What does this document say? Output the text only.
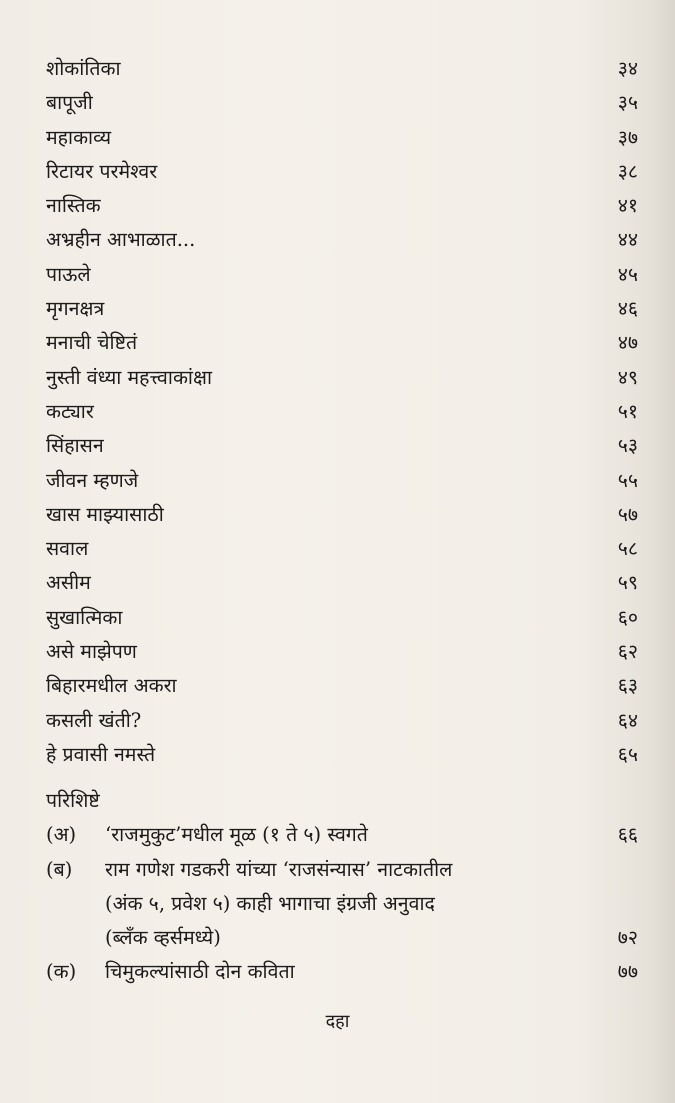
शोकांतिका	३४
बापूजी	३५
महाकाव्य	३७
रिटायर परमेश्वर	३८
नास्तिक	४१
अभ्रहीन आभाळात...	४४
पाऊले	४५
मृगनक्षत्र	४६
मनाची चेष्टितं	४७
नुस्ती वंध्या महत्त्वाकांक्षा	४९
कट्यार	५१
सिंहासन	५३
जीवन म्हणजे	५५
खास माझ्यासाठी	५७
सवाल	५८
असीम	५९
सुखात्मिका	६०
असे माझेपण	६२
बिहारमधील अकरा	६३
कसली खंती?	६४
हे प्रवासी नमस्ते	६५
परिशिष्टे
(अ) ‘राजमुकुट’मधील मूळ (१ ते ५) स्वगते	६६
(ब) राम गणेश गडकरी यांच्या ‘राजसंन्यास’ नाटकातील
(अंक ५, प्रवेश ५) काही भागाचा इंग्रजी अनुवाद
(ब्लँक व्हर्समध्ये)	७२
(क) चिमुकल्यांसाठी दोन कविता	७७
दहा
